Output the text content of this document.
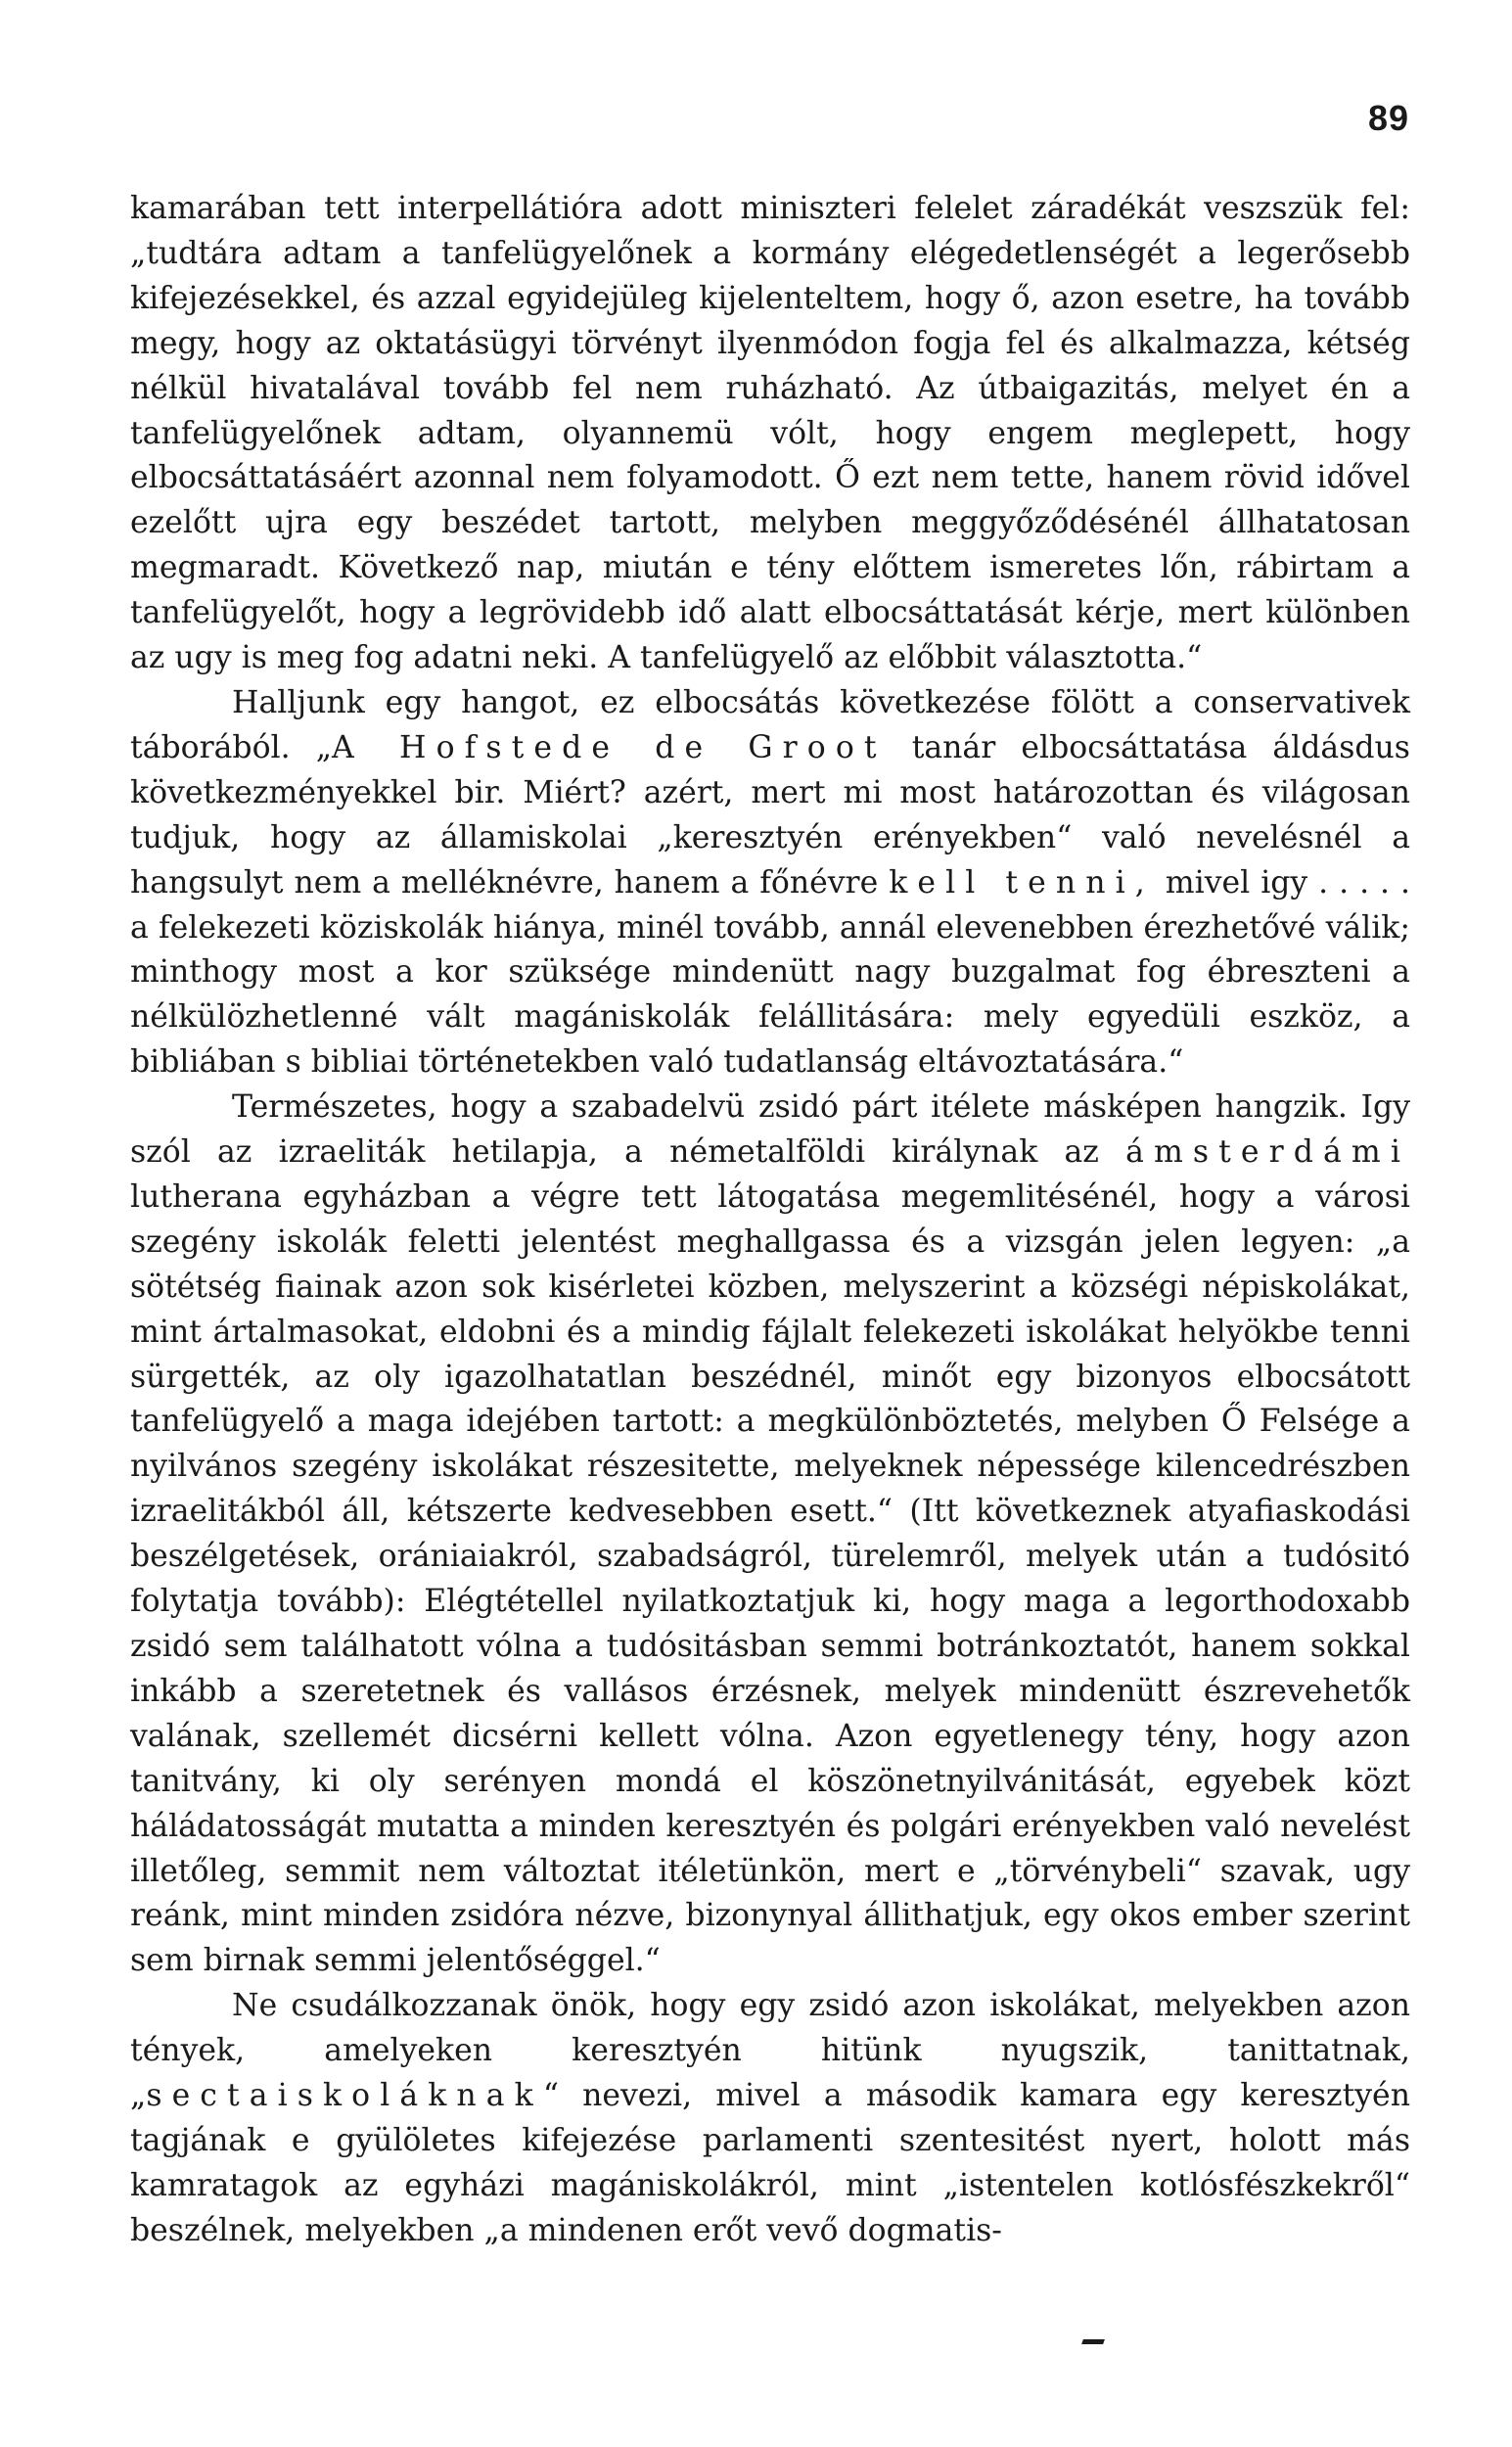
89

kamarában tett interpellátióra adott miniszteri felelet záradékát veszszük fel: „tudtára adtam a tanfelügyelőnek a kormány elégedetlenségét a legerősebb kifejezésekkel, és azzal egyidejüleg kijelenteltem, hogy ő, azon esetre, ha tovább megy, hogy az oktatásügyi törvényt ilyenmódon fogja fel és alkalmazza, kétség nélkül hivatalával tovább fel nem ruházható. Az útbaigazitás, melyet én a tanfelügyelőnek adtam, olyannemü vólt, hogy engem meglepett, hogy elbocsáttatásáért azonnal nem folyamodott. Ő ezt nem tette, hanem rövid idővel ezelőtt ujra egy beszédet tartott, melyben meggyőződésénél állhatatosan megmaradt. Következő nap, miután e tény előttem ismeretes lőn, rábirtam a tanfelügyelőt, hogy a legrövidebb idő alatt elbocsáttatását kérje, mert különben az ugy is meg fog adatni neki. A tanfelügyelő az előbbit választotta.“

Halljunk egy hangot, ez elbocsátás következése fölött a conservativek táborából. „A Hofstede de Groot tanár elbocsáttatása áldásdus következményekkel bir. Miért? azért, mert mi most határozottan és világosan tudjuk, hogy az államiskolai „keresztyén erényekben“ való nevelésnél a hangsulyt nem a melléknévre, hanem a főnévre kell tenni, mivel igy . . . . . a felekezeti köziskolák hiánya, minél tovább, annál elevenebben érezhetővé válik; minthogy most a kor szüksége mindenütt nagy buzgalmat fog ébreszteni a nélkülözhetlenné vált magániskolák felállitására: mely egyedüli eszköz, a bibliában s bibliai történetekben való tudatlanság eltávoztatására.“

Természetes, hogy a szabadelvü zsidó párt itélete másképen hangzik. Igy szól az izraeliták hetilapja, a németalföldi királynak az ámsterdámi lutherana egyházban a végre tett látogatása megemlitésénél, hogy a városi szegény iskolák feletti jelentést meghallgassa és a vizsgán jelen legyen: „a sötétség fiainak azon sok kisérletei közben, melyszerint a községi népiskolákat, mint ártalmasokat, eldobni és a mindig fájlalt felekezeti iskolákat helyökbe tenni sürgették, az oly igazolhatatlan beszédnél, minőt egy bizonyos elbocsátott tanfelügyelő a maga idejében tartott: a megkülönböztetés, melyben Ő Felsége a nyilvános szegény iskolákat részesitette, melyeknek népessége kilencedrészben izraelitákból áll, kétszerte kedvesebben esett.“ (Itt következnek atyafiaskodási beszélgetések, orániaiakról, szabadságról, türelemről, melyek után a tudósitó folytatja tovább): Elégtétellel nyilatkoztatjuk ki, hogy maga a legorthodoxabb zsidó sem találhatott vólna a tudósitásban semmi botránkoztatót, hanem sokkal inkább a szeretetnek és vallásos érzésnek, melyek mindenütt észrevehetők valának, szellemét dicsérni kellett vólna. Azon egyetlenegy tény, hogy azon tanitvány, ki oly serényen mondá el köszönetnyilvánitását, egyebek közt háládatosságát mutatta a minden keresztyén és polgári erényekben való nevelést illetőleg, semmit nem változtat itéletünkön, mert e „törvénybeli“ szavak, ugy reánk, mint minden zsidóra nézve, bizonynyal állithatjuk, egy okos ember szerint sem birnak semmi jelentőséggel.“

Ne csudálkozzanak önök, hogy egy zsidó azon iskolákat, melyekben azon tények, amelyeken keresztyén hitünk nyugszik, tanittatnak, „sectaiskoláknak“ nevezi, mivel a második kamara egy keresztyén tagjának e gyülöletes kifejezése parlamenti szentesitést nyert, holott más kamratagok az egyházi magániskolákról, mint „istentelen kotlósfészkekről“ beszélnek, melyekben „a mindenen erőt vevő dogmatis-
